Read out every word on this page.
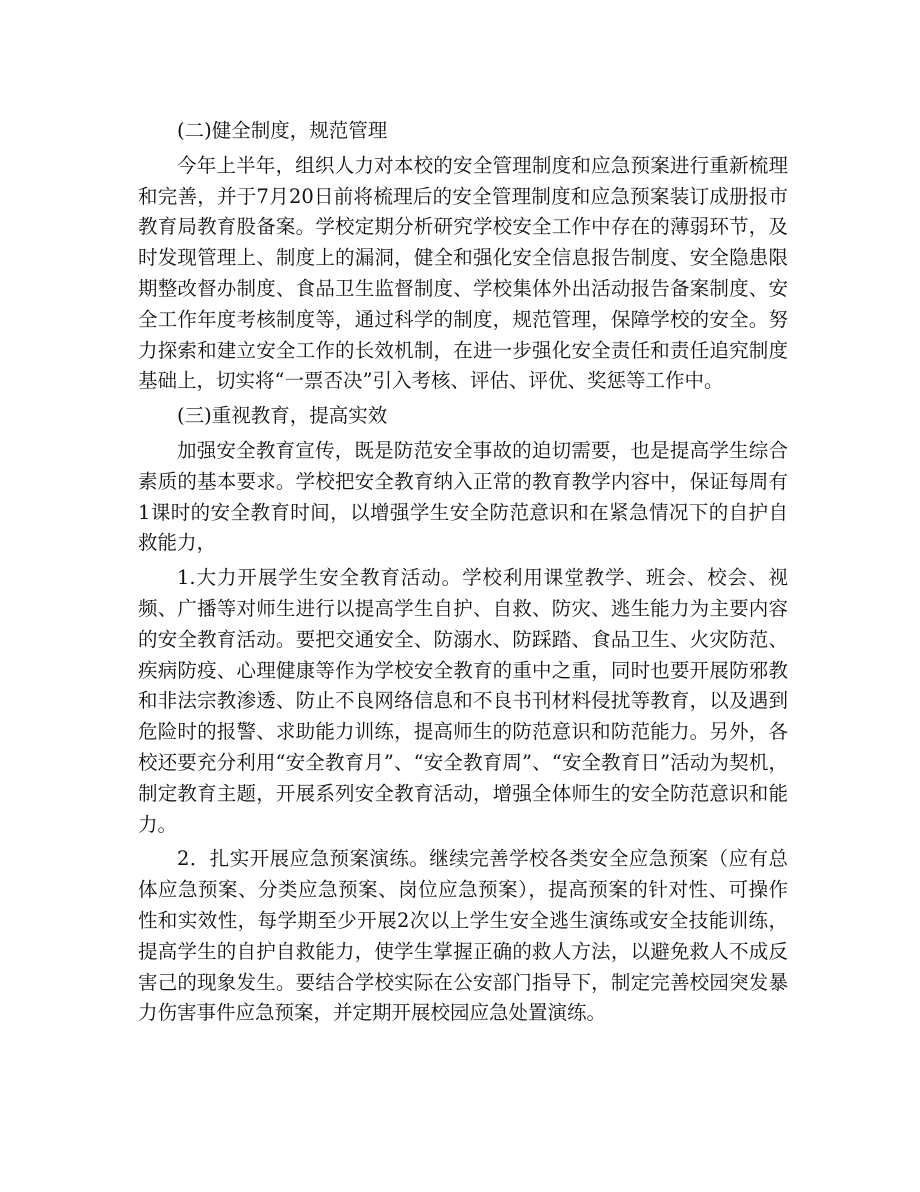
(二)健全制度，规范管理

今年上半年，组织人力对本校的安全管理制度和应急预案进行重新梳理和完善，并于7月20日前将梳理后的安全管理制度和应急预案装订成册报市教育局教育股备案。学校定期分析研究学校安全工作中存在的薄弱环节，及时发现管理上、制度上的漏洞，健全和强化安全信息报告制度、安全隐患限期整改督办制度、食品卫生监督制度、学校集体外出活动报告备案制度、安全工作年度考核制度等，通过科学的制度，规范管理，保障学校的安全。努力探索和建立安全工作的长效机制，在进一步强化安全责任和责任追究制度基础上，切实将“一票否决”引入考核、评估、评优、奖惩等工作中。

(三)重视教育，提高实效

加强安全教育宣传，既是防范安全事故的迫切需要，也是提高学生综合素质的基本要求。学校把安全教育纳入正常的教育教学内容中，保证每周有1课时的安全教育时间，以增强学生安全防范意识和在紧急情况下的自护自救能力，

1.大力开展学生安全教育活动。学校利用课堂教学、班会、校会、视频、广播等对师生进行以提高学生自护、自救、防灾、逃生能力为主要内容的安全教育活动。要把交通安全、防溺水、防踩踏、食品卫生、火灾防范、疾病防疫、心理健康等作为学校安全教育的重中之重，同时也要开展防邪教和非法宗教渗透、防止不良网络信息和不良书刊材料侵扰等教育，以及遇到危险时的报警、求助能力训练，提高师生的防范意识和防范能力。另外，各校还要充分利用“安全教育月”、“安全教育周”、“安全教育日”活动为契机，制定教育主题，开展系列安全教育活动，增强全体师生的安全防范意识和能力。

2．扎实开展应急预案演练。继续完善学校各类安全应急预案（应有总体应急预案、分类应急预案、岗位应急预案），提高预案的针对性、可操作性和实效性，每学期至少开展2次以上学生安全逃生演练或安全技能训练，提高学生的自护自救能力，使学生掌握正确的救人方法，以避免救人不成反害己的现象发生。要结合学校实际在公安部门指导下，制定完善校园突发暴力伤害事件应急预案，并定期开展校园应急处置演练。
